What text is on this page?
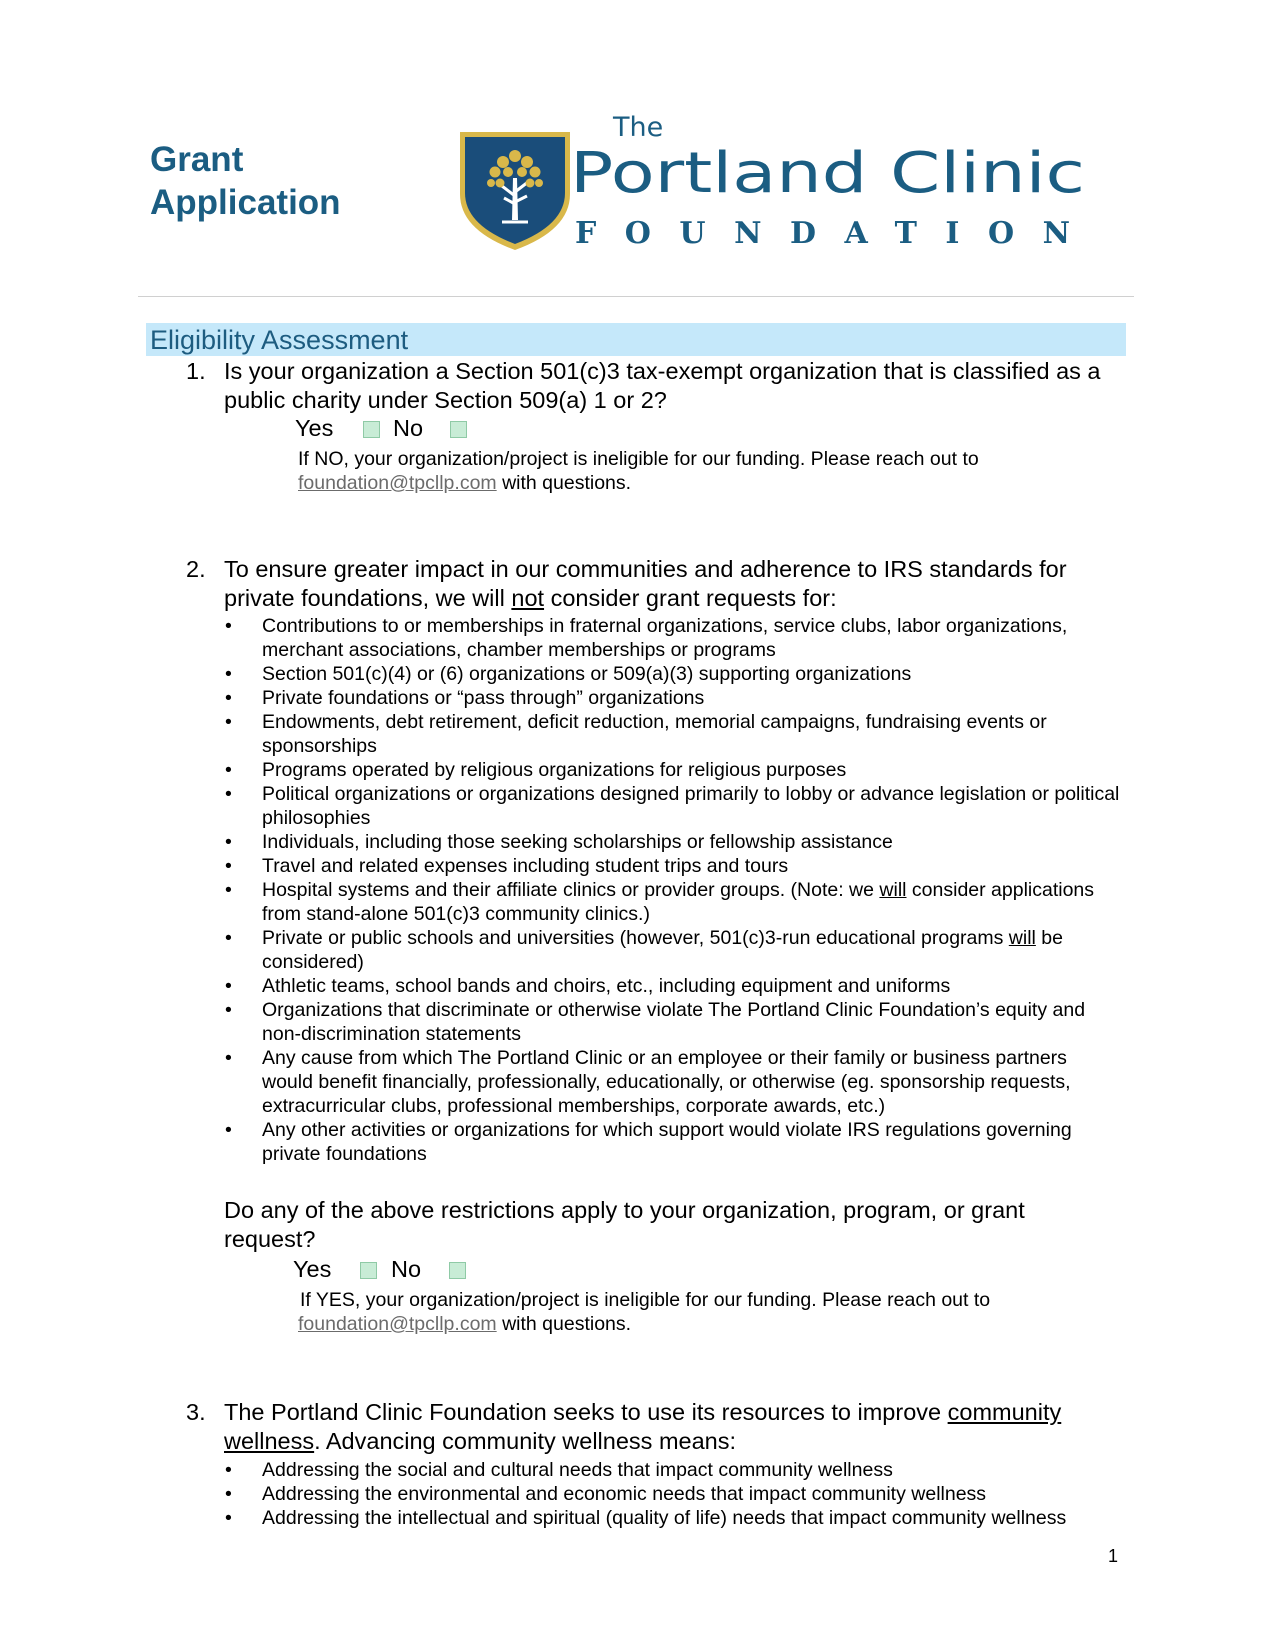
Grant
Application
The
Portland Clinic
FOUNDATION
Eligibility Assessment
1. Is your organization a Section 501(c)3 tax-exempt organization that is classified as a public charity under Section 509(a) 1 or 2?
Yes	No
If NO, your organization/project is ineligible for our funding. Please reach out to
foundation@tpcllp.com with questions.
2. To ensure greater impact in our communities and adherence to IRS standards for private foundations, we will not consider grant requests for:
• Contributions to or memberships in fraternal organizations, service clubs, labor organizations, merchant associations, chamber memberships or programs
• Section 501(c)(4) or (6) organizations or 509(a)(3) supporting organizations
• Private foundations or “pass through” organizations
• Endowments, debt retirement, deficit reduction, memorial campaigns, fundraising events or sponsorships
• Programs operated by religious organizations for religious purposes
• Political organizations or organizations designed primarily to lobby or advance legislation or political philosophies
• Individuals, including those seeking scholarships or fellowship assistance
• Travel and related expenses including student trips and tours
• Hospital systems and their affiliate clinics or provider groups. (Note: we will consider applications from stand-alone 501(c)3 community clinics.)
• Private or public schools and universities (however, 501(c)3-run educational programs will be considered)
• Athletic teams, school bands and choirs, etc., including equipment and uniforms
• Organizations that discriminate or otherwise violate The Portland Clinic Foundation’s equity and non-discrimination statements
• Any cause from which The Portland Clinic or an employee or their family or business partners would benefit financially, professionally, educationally, or otherwise (eg. sponsorship requests, extracurricular clubs, professional memberships, corporate awards, etc.)
• Any other activities or organizations for which support would violate IRS regulations governing private foundations
Do any of the above restrictions apply to your organization, program, or grant request?
Yes	No
If YES, your organization/project is ineligible for our funding. Please reach out to
foundation@tpcllp.com with questions.
3. The Portland Clinic Foundation seeks to use its resources to improve community wellness. Advancing community wellness means:
• Addressing the social and cultural needs that impact community wellness
• Addressing the environmental and economic needs that impact community wellness
• Addressing the intellectual and spiritual (quality of life) needs that impact community wellness
1
